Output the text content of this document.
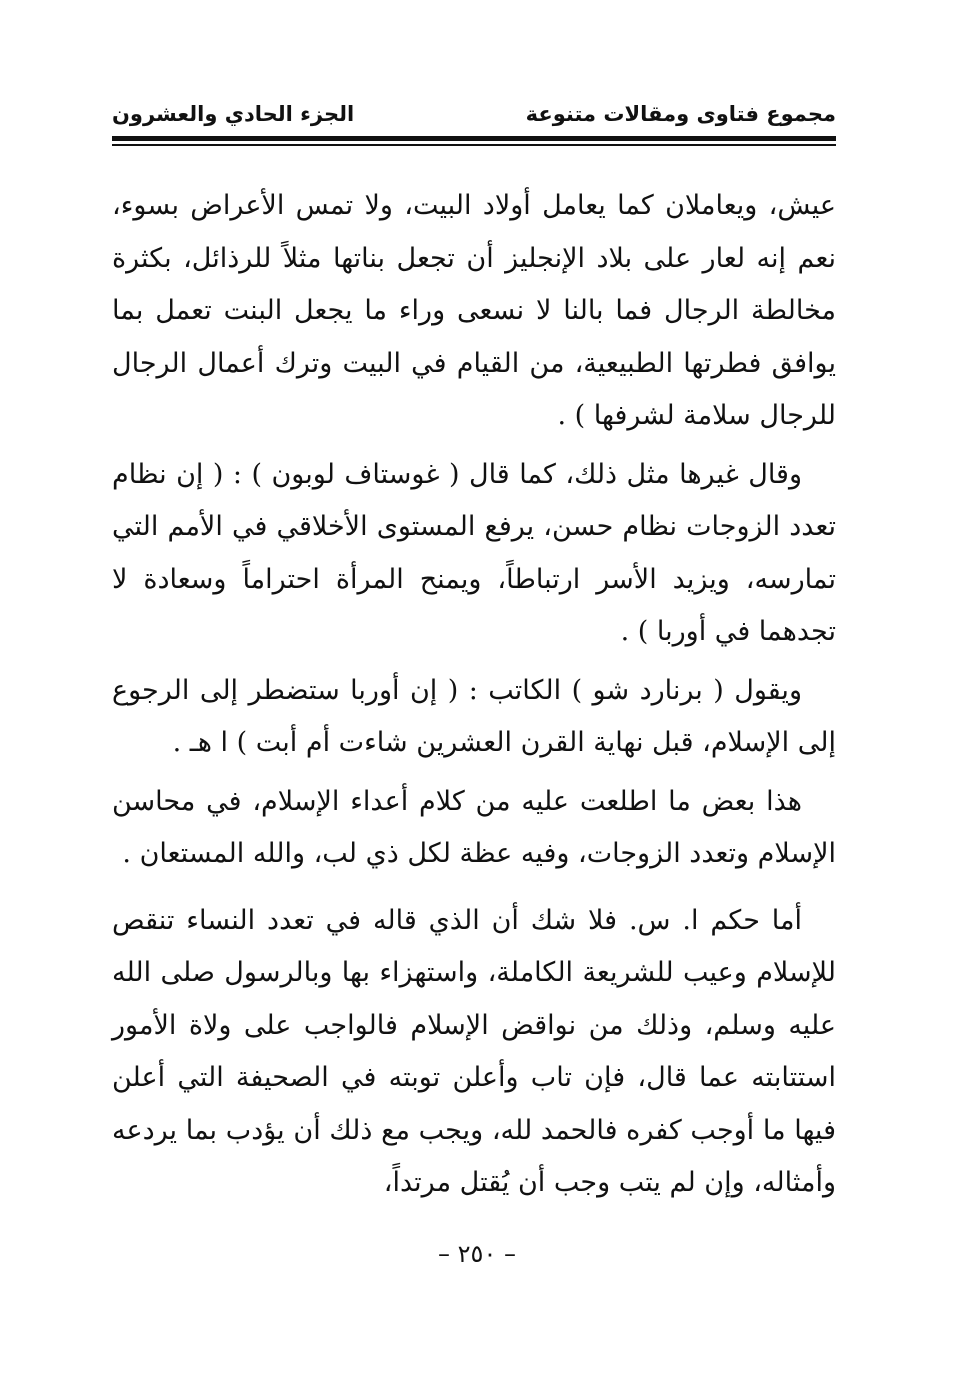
مجموع فتاوى ومقالات متنوعة
الجزء الحادي والعشرون

عيش، ويعاملان كما يعامل أولاد البيت، ولا تمس الأعراض بسوء، نعم إنه لعار على بلاد الإنجليز أن تجعل بناتها مثلاً للرذائل، بكثرة مخالطة الرجال فما بالنا لا نسعى وراء ما يجعل البنت تعمل بما يوافق فطرتها الطبيعية، من القيام في البيت وترك أعمال الرجال للرجال سلامة لشرفها ) .

وقال غيرها مثل ذلك، كما قال ( غوستاف لوبون ) : ( إن نظام تعدد الزوجات نظام حسن، يرفع المستوى الأخلاقي في الأمم التي تمارسه، ويزيد الأسر ارتباطاً، ويمنح المرأة احتراماً وسعادة لا تجدهما في أوربا ) .

ويقول ( برنارد شو ) الكاتب : ( إن أوربا ستضطر إلى الرجوع إلى الإسلام، قبل نهاية القرن العشرين شاءت أم أبت ) ا هـ .

هذا بعض ما اطلعت عليه من كلام أعداء الإسلام، في محاسن الإسلام وتعدد الزوجات، وفيه عظة لكل ذي لب، والله المستعان .

أما حكم ا. س. فلا شك أن الذي قاله في تعدد النساء تنقص للإسلام وعيب للشريعة الكاملة، واستهزاء بها وبالرسول صلى الله عليه وسلم، وذلك من نواقض الإسلام فالواجب على ولاة الأمور استتابته عما قال، فإن تاب وأعلن توبته في الصحيفة التي أعلن فيها ما أوجب كفره فالحمد لله، ويجب مع ذلك أن يؤدب بما يردعه وأمثاله، وإن لم يتب وجب أن يُقتل مرتداً،

– ٢٥٠ –
